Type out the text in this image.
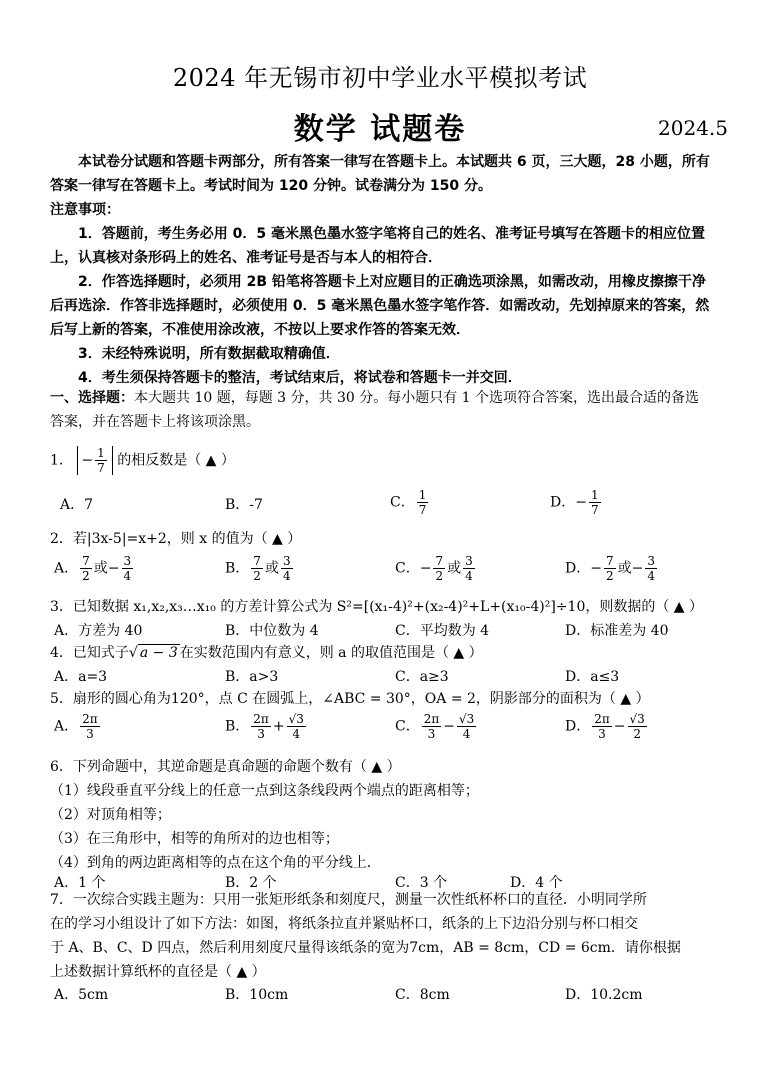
2024 年无锡市初中学业水平模拟考试
数学 试题卷	2024.5

本试卷分试题和答题卡两部分，所有答案一律写在答题卡上。本试题共 6 页，三大题，28 小题，所有答案一律写在答题卡上。考试时间为 120 分钟。试卷满分为 150 分。

注意事项：

1．答题前，考生务必用 0．5 毫米黑色墨水签字笔将自己的姓名、准考证号填写在答题卡的相应位置上，认真核对条形码上的姓名、准考证号是否与本人的相符合．

2．作答选择题时，必须用 2B 铅笔将答题卡上对应题目的正确选项涂黑，如需改动，用橡皮擦擦干净后再选涂．作答非选择题时，必须使用 0．5 毫米黑色墨水签字笔作答．如需改动，先划掉原来的答案，然后写上新的答案，不准使用涂改液，不按以上要求作答的答案无效．

3．未经特殊说明，所有数据截取精确值．

4．考生须保持答题卡的整洁，考试结束后，将试卷和答题卡一并交回．

一、选择题：本大题共 10 题，每题 3 分，共 30 分。每小题只有 1 个选项符合答案，选出最合适的备选答案，并在答题卡上将该项涂黑。

1． − $\frac{1}{7}$ 的相反数是（ ▲ ）
A．7	B．-7	C． $\frac{1}{7}$	D．− $\frac{1}{7}$
2．若|3x-5|=x+2，则 x 的值为（ ▲ ）
A． $\frac{7}{2}$ 或− $\frac{3}{4}$	B． $\frac{7}{2}$ 或 $\frac{3}{4}$	C．− $\frac{7}{2}$ 或 $\frac{3}{4}$	D．− $\frac{7}{2}$ 或− $\frac{3}{4}$
3．已知数据 x₁,x₂,x₃…x₁₀ 的方差计算公式为 S²=[(x₁-4)²+(x₂-4)²+L+(x₁₀-4)²]÷10，则数据的（ ▲ ）
A．方差为 40	B．中位数为 4	C．平均数为 4	D．标准差为 40
4．已知式子√ a − 3 在实数范围内有意义，则 a 的取值范围是（ ▲ ）
A．a=3	B．a>3	C．a≥3	D．a≤3
5．扇形的圆心角为120°，点 C 在圆弧上，∠ABC = 30°，OA = 2，阴影部分的面积为（ ▲ ）
A． $\frac{2\pi}{3}$	B． $\frac{2\pi}{3} + \frac{√3}{4}$	C． $\frac{2\pi}{3} - \frac{√3}{4}$	D． $\frac{2\pi}{3} - \frac{√3}{2}$
6．下列命题中，其逆命题是真命题的命题个数有（ ▲ ）
（1）线段垂直平分线上的任意一点到这条线段两个端点的距离相等；
（2）对顶角相等；
（3）在三角形中，相等的角所对的边也相等；
（4）到角的两边距离相等的点在这个角的平分线上．
A．1 个	B．2 个	C．3 个	D．4 个
7．一次综合实践主题为：只用一张矩形纸条和刻度尺，测量一次性纸杯杯口的直径．小明同学所
在的学习小组设计了如下方法：如图，将纸条拉直并紧贴杯口，纸条的上下边沿分别与杯口相交
于 A、B、C、D 四点，然后利用刻度尺量得该纸条的宽为7cm，AB = 8cm，CD = 6cm．请你根据
上述数据计算纸杯的直径是（ ▲ ）
A．5cm	B．10cm	C．8cm	D．10.2cm
